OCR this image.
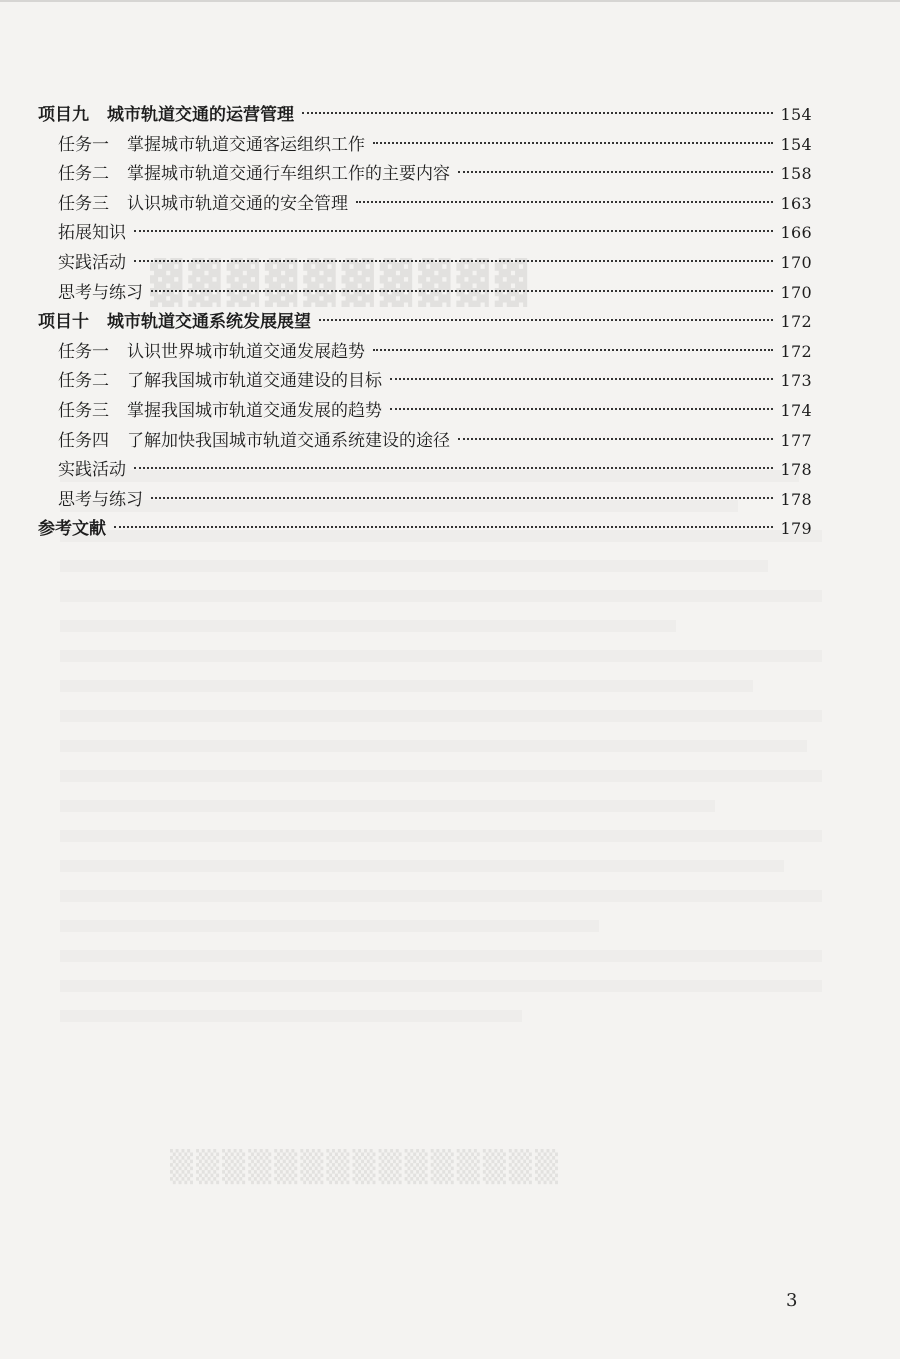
▓▓▓▓▓▓▓▓▓▓
▒▒▒▒▒▒▒▒▒▒▒▒▒▒▒
项目九 城市轨道交通的运营管理	154
任务一 掌握城市轨道交通客运组织工作	154
任务二 掌握城市轨道交通行车组织工作的主要内容	158
任务三 认识城市轨道交通的安全管理	163
拓展知识	166
实践活动	170
思考与练习	170
项目十 城市轨道交通系统发展展望	172
任务一 认识世界城市轨道交通发展趋势	172
任务二 了解我国城市轨道交通建设的目标	173
任务三 掌握我国城市轨道交通发展的趋势	174
任务四 了解加快我国城市轨道交通系统建设的途径	177
实践活动	178
思考与练习	178
参考文献	179
3
